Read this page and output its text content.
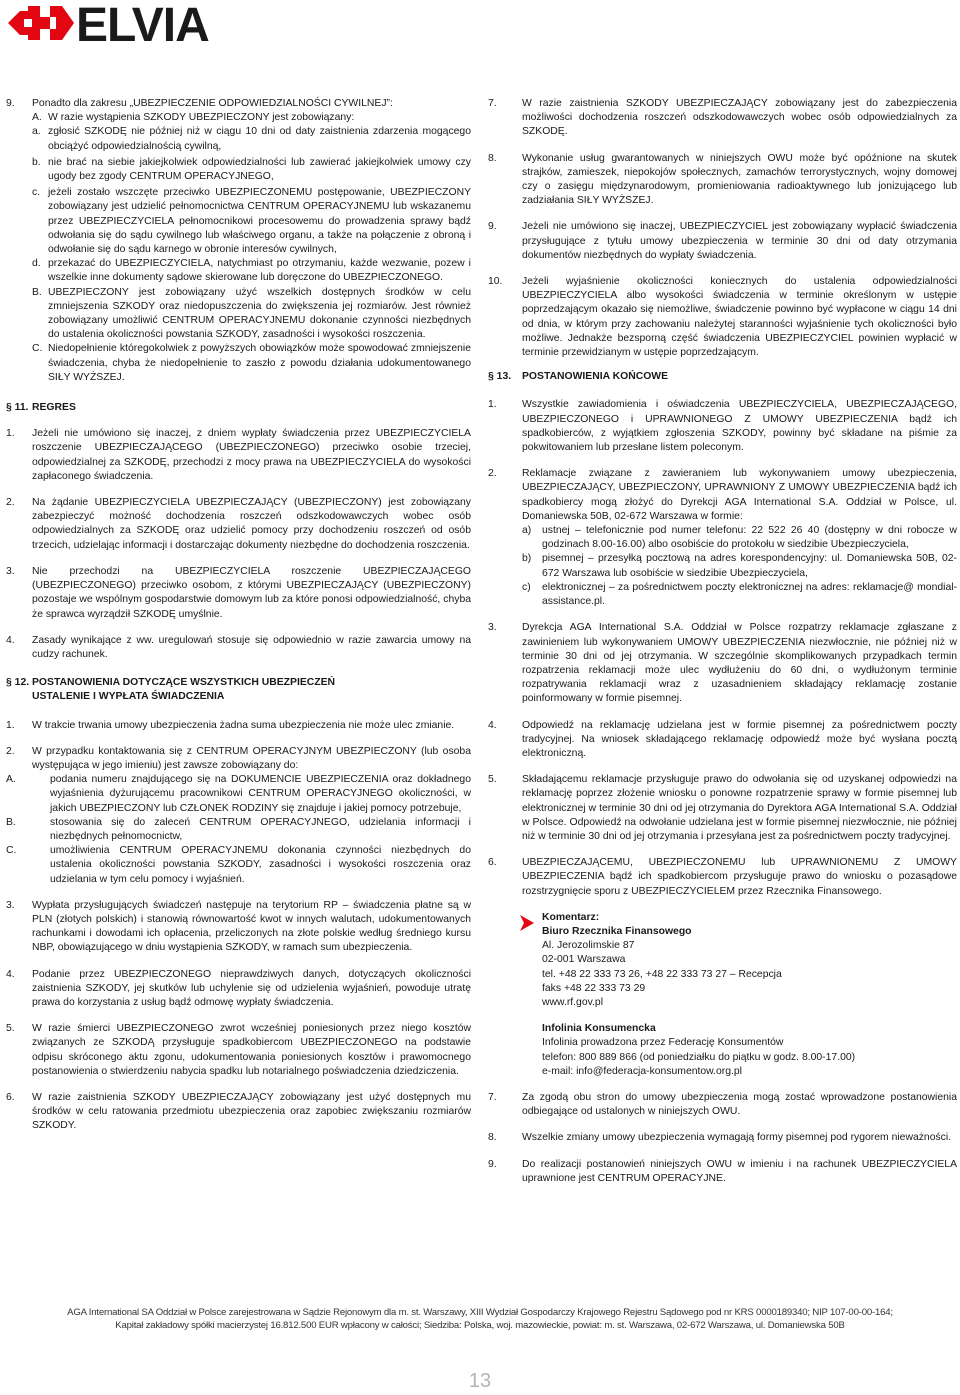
ELVIA
9.	Ponadto dla zakresu „UBEZPIECZENIE ODPOWIEDZIALNOŚCI CYWILNEJ”:
A. W razie wystąpienia SZKODY UBEZPIECZONY jest zobowiązany:
a. zgłosić SZKODĘ nie później niż w ciągu 10 dni od daty zaistnienia zdarzenia mogącego obciążyć odpowiedzialnością cywilną,
b. nie brać na siebie jakiejkolwiek odpowiedzialności lub zawierać jakiejkolwiek umowy czy ugody bez zgody CENTRUM OPERACYJNEGO,
c. jeżeli zostało wszczęte przeciwko UBEZPIECZONEMU postępowanie, UBEZPIECZONY zobowiązany jest udzielić pełnomocnictwa CENTRUM OPERACYJNEMU lub wskazanemu przez UBEZPIECZYCIELA pełnomocnikowi procesowemu do prowadzenia sprawy bądź odwołania się do sądu cywilnego lub właściwego organu, a także na połączenie z obroną i odwołanie się do sądu karnego w obronie interesów cywilnych,
d. przekazać do UBEZPIECZYCIELA, natychmiast po otrzymaniu, każde wezwanie, pozew i wszelkie inne dokumenty sądowe skierowane lub doręczone do UBEZPIECZONEGO.
B. UBEZPIECZONY jest zobowiązany użyć wszelkich dostępnych środków w celu zmniejszenia SZKODY oraz niedopuszczenia do zwiększenia jej rozmiarów. Jest również zobowiązany umożliwić CENTRUM OPERACYJNEMU dokonanie czynności niezbędnych do ustalenia okoliczności powstania SZKODY, zasadności i wysokości roszczenia.
C. Niedopełnienie któregokolwiek z powyższych obowiązków może spowodować zmniejszenie świadczenia, chyba że niedopełnienie to zaszło z powodu działania udokumentowanego SIŁY WYŻSZEJ.
§ 11. REGRES
1.	Jeżeli nie umówiono się inaczej, z dniem wypłaty świadczenia przez UBEZPIECZYCIELA roszczenie UBEZPIECZAJĄCEGO (UBEZPIECZONEGO) przeciwko osobie trzeciej, odpowiedzialnej za SZKODĘ, przechodzi z mocy prawa na UBEZPIECZYCIELA do wysokości zapłaconego świadczenia.
2.	Na żądanie UBEZPIECZYCIELA UBEZPIECZAJĄCY (UBEZPIECZONY) jest zobowiązany zabezpieczyć możność dochodzenia roszczeń odszkodowawczych wobec osób odpowiedzialnych za SZKODĘ oraz udzielić pomocy przy dochodzeniu roszczeń od osób trzecich, udzielając informacji i dostarczając dokumenty niezbędne do dochodzenia roszczenia.
3.	Nie przechodzi na UBEZPIECZYCIELA roszczenie UBEZPIECZAJĄCEGO (UBEZPIECZONEGO) przeciwko osobom, z którymi UBEZPIECZAJĄCY (UBEZPIECZONY) pozostaje we wspólnym gospodarstwie domowym lub za które ponosi odpowiedzialność, chyba że sprawca wyrządził SZKODĘ umyślnie.
4.	Zasady wynikające z ww. uregulowań stosuje się odpowiednio w razie zawarcia umowy na cudzy rachunek.
§ 12. POSTANOWIENIA DOTYCZĄCE WSZYSTKICH UBEZPIECZEŃ
USTALENIE I WYPŁATA ŚWIADCZENIA
1.	W trakcie trwania umowy ubezpieczenia żadna suma ubezpieczenia nie może ulec zmianie.
2.	W przypadku kontaktowania się z CENTRUM OPERACYJNYM UBEZPIECZONY (lub osoba występująca w jego imieniu) jest zawsze zobowiązany do:
A.	podania numeru znajdującego się na DOKUMENCIE UBEZPIECZENIA oraz dokładnego wyjaśnienia dyżurującemu pracownikowi CENTRUM OPERACYJNEGO okoliczności, w jakich UBEZPIECZONY lub CZŁONEK RODZINY się znajduje i jakiej pomocy potrzebuje,
B.	stosowania się do zaleceń CENTRUM OPERACYJNEGO, udzielania informacji i niezbędnych pełnomocnictw,
C.	umożliwienia CENTRUM OPERACYJNEMU dokonania czynności niezbędnych do ustalenia okoliczności powstania SZKODY, zasadności i wysokości roszczenia oraz udzielania w tym celu pomocy i wyjaśnień.
3.	Wypłata przysługujących świadczeń następuje na terytorium RP – świadczenia płatne są w PLN (złotych polskich) i stanowią równowartość kwot w innych walutach, udokumentowanych rachunkami i dowodami ich opłacenia, przeliczonych na złote polskie według średniego kursu NBP, obowiązującego w dniu wystąpienia SZKODY, w ramach sum ubezpieczenia.
4.	Podanie przez UBEZPIECZONEGO nieprawdziwych danych, dotyczących okoliczności zaistnienia SZKODY, jej skutków lub uchylenie się od udzielenia wyjaśnień, powoduje utratę prawa do korzystania z usług bądź odmowę wypłaty świadczenia.
5.	W razie śmierci UBEZPIECZONEGO zwrot wcześniej poniesionych przez niego kosztów związanych ze SZKODĄ przysługuje spadkobiercom UBEZPIECZONEGO na podstawie odpisu skróconego aktu zgonu, udokumentowania poniesionych kosztów i prawomocnego postanowienia o stwierdzeniu nabycia spadku lub notarialnego poświadczenia dziedziczenia.
6.	W razie zaistnienia SZKODY UBEZPIECZAJĄCY zobowiązany jest użyć dostępnych mu środków w celu ratowania przedmiotu ubezpieczenia oraz zapobiec zwiększaniu rozmiarów SZKODY.
7.	W razie zaistnienia SZKODY UBEZPIECZAJĄCY zobowiązany jest do zabezpieczenia możliwości dochodzenia roszczeń odszkodowawczych wobec osób odpowiedzialnych za SZKODĘ.
8.	Wykonanie usług gwarantowanych w niniejszych OWU może być opóźnione na skutek strajków, zamieszek, niepokojów społecznych, zamachów terrorystycznych, wojny domowej czy o zasięgu międzynarodowym, promieniowania radioaktywnego lub jonizującego lub zadziałania SIŁY WYŻSZEJ.
9.	Jeżeli nie umówiono się inaczej, UBEZPIECZYCIEL jest zobowiązany wypłacić świadczenia przysługujące z tytułu umowy ubezpieczenia w terminie 30 dni od daty otrzymania dokumentów niezbędnych do wypłaty świadczenia.
10.	Jeżeli wyjaśnienie okoliczności koniecznych do ustalenia odpowiedzialności UBEZPIECZYCIELA albo wysokości świadczenia w terminie określonym w ustępie poprzedzającym okazało się niemożliwe, świadczenie powinno być wypłacone w ciągu 14 dni od dnia, w którym przy zachowaniu należytej staranności wyjaśnienie tych okoliczności było możliwe. Jednakże bezsporną część świadczenia UBEZPIECZYCIEL powinien wypłacić w terminie przewidzianym w ustępie poprzedzającym.
§ 13.	POSTANOWIENIA KOŃCOWE
1.	Wszystkie zawiadomienia i oświadczenia UBEZPIECZYCIELA, UBEZPIECZAJĄCEGO, UBEZPIECZONEGO i UPRAWNIONEGO Z UMOWY UBEZPIECZENIA bądź ich spadkobierców, z wyjątkiem zgłoszenia SZKODY, powinny być składane na piśmie za pokwitowaniem lub przesłane listem poleconym.
2.	Reklamacje związane z zawieraniem lub wykonywaniem umowy ubezpieczenia, UBEZPIECZAJĄCY, UBEZPIECZONY, UPRAWNIONY Z UMOWY UBEZPIECZENIA bądź ich spadkobiercy mogą złożyć do Dyrekcji AGA International S.A. Oddział w Polsce, ul. Domaniewska 50B, 02-672 Warszawa w formie:
a)	ustnej – telefonicznie pod numer telefonu: 22 522 26 40 (dostępny w dni robocze w godzinach 8.00-16.00) albo osobiście do protokołu w siedzibie Ubezpieczyciela,
b)	pisemnej – przesyłką pocztową na adres korespondencyjny: ul. Domaniewska 50B, 02-672 Warszawa lub osobiście w siedzibie Ubezpieczyciela,
c)	elektronicznej – za pośrednictwem poczty elektronicznej na adres: reklamacje@ mondial-assistance.pl.
3.	Dyrekcja AGA International S.A. Oddział w Polsce rozpatrzy reklamacje zgłaszane z zawinieniem lub wykonywaniem UMOWY UBEZPIECZENIA niezwłocznie, nie później niż w terminie 30 dni od jej otrzymania. W szczególnie skomplikowanych przypadkach termin rozpatrzenia reklamacji może ulec wydłużeniu do 60 dni, o wydłużonym terminie rozpatrywania reklamacji wraz z uzasadnieniem składający reklamację zostanie poinformowany w formie pisemnej.
4.	Odpowiedź na reklamację udzielana jest w formie pisemnej za pośrednictwem poczty tradycyjnej. Na wniosek składającego reklamację odpowiedź może być wysłana pocztą elektroniczną.
5.	Składającemu reklamacje przysługuje prawo do odwołania się od uzyskanej odpowiedzi na reklamację poprzez złożenie wniosku o ponowne rozpatrzenie sprawy w formie pisemnej lub elektronicznej w terminie 30 dni od jej otrzymania do Dyrektora AGA International S.A. Oddział w Polsce. Odpowiedź na odwołanie udzielana jest w formie pisemnej niezwłocznie, nie później niż w terminie 30 dni od jej otrzymania i przesyłana jest za pośrednictwem poczty tradycyjnej.
6.	UBEZPIECZAJĄCEMU, UBEZPIECZONEMU lub UPRAWNIONEMU Z UMOWY UBEZPIECZENIA bądź ich spadkobiercom przysługuje prawo do wniosku o pozasądowe rozstrzygnięcie sporu z UBEZPIECZYCIELEM przez Rzecznika Finansowego.
Komentarz:
Biuro Rzecznika Finansowego
Al. Jerozolimskie 87
02-001 Warszawa
tel. +48 22 333 73 26, +48 22 333 73 27 – Recepcja
faks +48 22 333 73 29
www.rf.gov.pl
Infolinia Konsumencka
Infolinia prowadzona przez Federację Konsumentów
telefon: 800 889 866 (od poniedziałku do piątku w godz. 8.00-17.00)
e-mail: info@federacja-konsumentow.org.pl
7.	Za zgodą obu stron do umowy ubezpieczenia mogą zostać wprowadzone postanowienia odbiegające od ustalonych w niniejszych OWU.
8.	Wszelkie zmiany umowy ubezpieczenia wymagają formy pisemnej pod rygorem nieważności.
9.	Do realizacji postanowień niniejszych OWU w imieniu i na rachunek UBEZPIECZYCIELA uprawnione jest CENTRUM OPERACYJNE.
AGA International SA Oddział w Polsce zarejestrowana w Sądzie Rejonowym dla m. st. Warszawy, XIII Wydział Gospodarczy Krajowego Rejestru Sądowego pod nr KRS 0000189340; NIP 107-00-00-164;
Kapitał zakładowy spółki macierzystej 16.812.500 EUR wpłacony w całości; Siedziba: Polska, woj. mazowieckie, powiat: m. st. Warszawa, 02-672 Warszawa, ul. Domaniewska 50B
13
